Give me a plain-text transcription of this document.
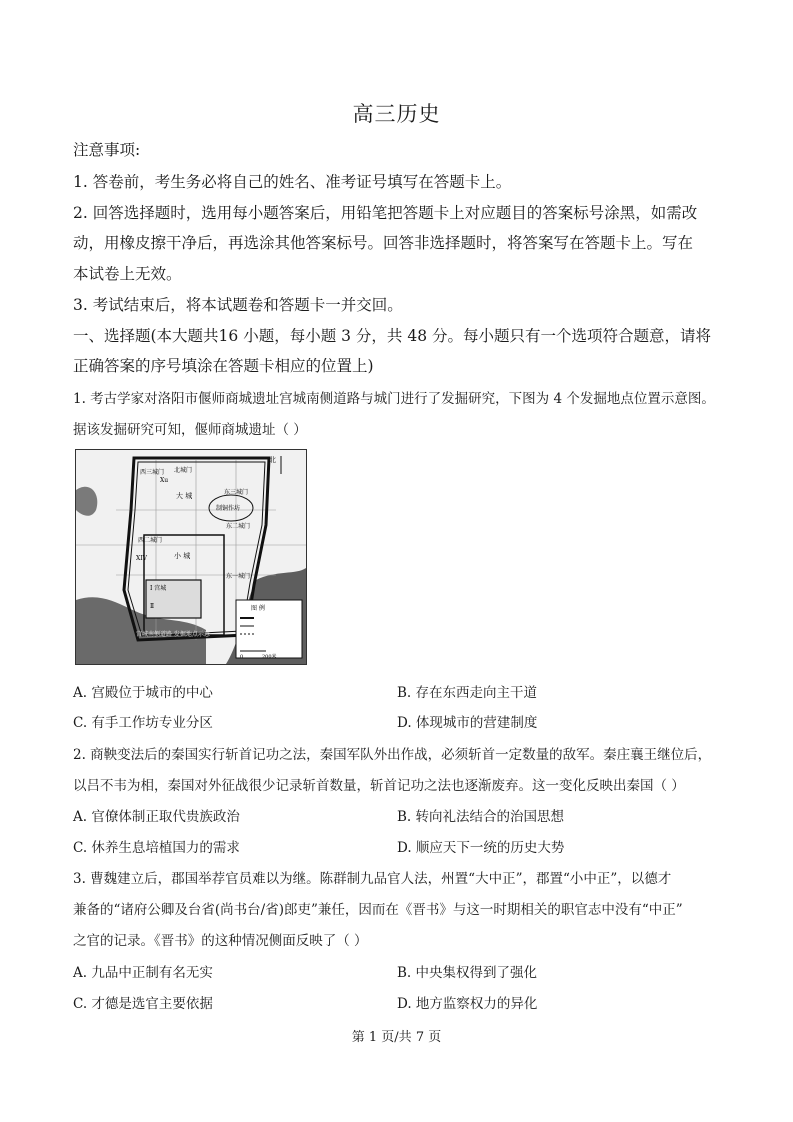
高三历史
注意事项:
1. 答卷前，考生务必将自己的姓名、准考证号填写在答题卡上。
2. 回答选择题时，选用每小题答案后，用铅笔把答题卡上对应题目的答案标号涂黑，如需改
动，用橡皮擦干净后，再选涂其他答案标号。回答非选择题时，将答案写在答题卡上。写在
本试卷上无效。
3. 考试结束后，将本试题卷和答题卡一并交回。
一、选择题(本大题共16 小题，每小题 3 分，共 48 分。每小题只有一个选项符合题意，请将
正确答案的序号填涂在答题卡相应的位置上)
1. 考古学家对洛阳市偃师商城遗址宫城南侧道路与城门进行了发掘研究，下图为 4 个发掘地点位置示意图。
据该发掘研究可知，偃师商城遗址（ ）
北
西三城门 北城门
Xu
大 城	东三城门
制铜作坊
东二城门
西二城门
XIV	小 城
东一城门
I 宫城
Ⅱ	图 例
0	200米
宫城南侧道路 发掘地点示意
A. 宫殿位于城市的中心	B. 存在东西走向主干道
C. 有手工作坊专业分区	D. 体现城市的营建制度
2. 商鞅变法后的秦国实行斩首记功之法，秦国军队外出作战，必须斩首一定数量的敌军。秦庄襄王继位后，
以吕不韦为相，秦国对外征战很少记录斩首数量，斩首记功之法也逐渐废弃。这一变化反映出秦国（ ）
A. 官僚体制正取代贵族政治	B. 转向礼法结合的治国思想
C. 休养生息培植国力的需求	D. 顺应天下一统的历史大势
3. 曹魏建立后，郡国举荐官员难以为继。陈群制九品官人法，州置“大中正”，郡置“小中正”，以德才
兼备的“诸府公卿及台省(尚书台/省)郎吏”兼任，因而在《晋书》与这一时期相关的职官志中没有“中正”
之官的记录。《晋书》的这种情况侧面反映了（ ）
A. 九品中正制有名无实	B. 中央集权得到了强化
C. 才德是选官主要依据	D. 地方监察权力的异化
第 1 页/共 7 页
